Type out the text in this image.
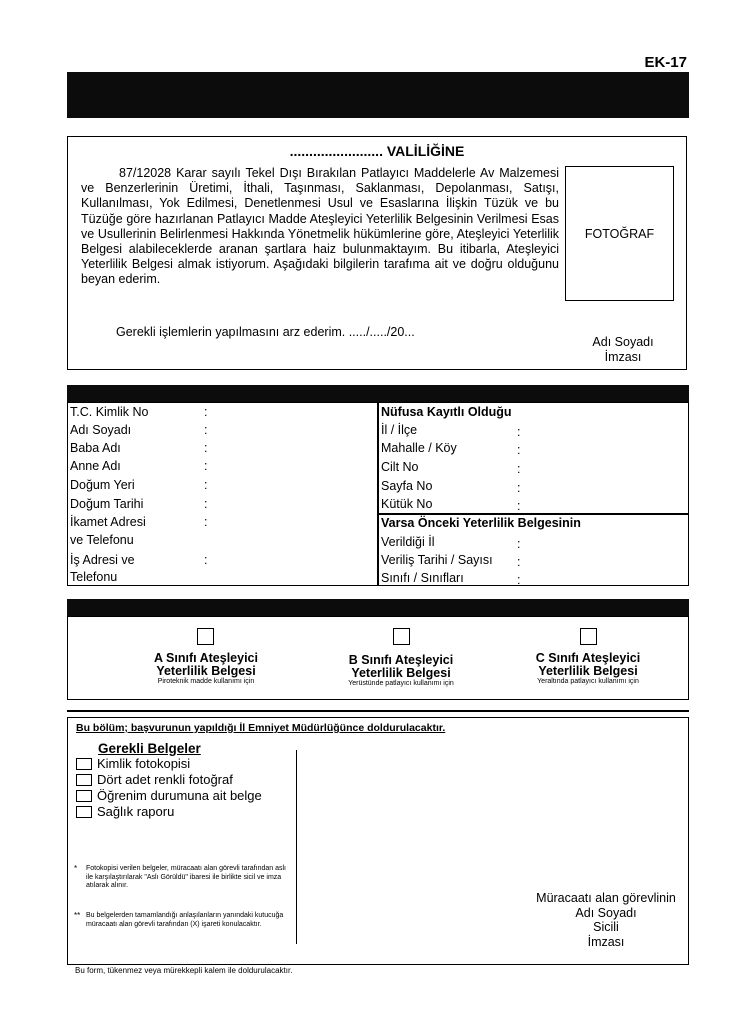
EK-17
........................ VALİLİĞİNE
87/12028 Karar sayılı Tekel Dışı Bırakılan Patlayıcı Maddelerle Av Malzemesi ve Benzerlerinin Üretimi, İthali, Taşınması, Saklanması, Depolanması, Satışı, Kullanılması, Yok Edilmesi, Denetlenmesi Usul ve Esaslarına İlişkin Tüzük ve bu Tüzüğe göre hazırlanan Patlayıcı Madde Ateşleyici Yeterlilik Belgesinin Verilmesi Esas ve Usullerinin Belirlenmesi Hakkında Yönetmelik hükümlerine göre, Ateşleyici Yeterlilik Belgesi alabileceklerde aranan şartlara haiz bulunmaktayım. Bu itibarla, Ateşleyici Yeterlilik Belgesi almak istiyorum. Aşağıdaki bilgilerin tarafıma ait ve doğru olduğunu beyan ederim.
FOTOĞRAF
Gerekli işlemlerin yapılmasını arz ederim. ...../...../20...
Adı Soyadı
İmzası
T.C. Kimlik No	:
Adı Soyadı	:
Baba Adı	:
Anne Adı	:
Doğum Yeri	:
Doğum Tarihi	:
İkamet Adresi	:
ve Telefonu
İş Adresi ve	:
Telefonu
Nüfusa Kayıtlı Olduğu
İl / İlçe	:
Mahalle / Köy	:
Cilt No	:
Sayfa No	:
Kütük No	:
Varsa Önceki Yeterlilik Belgesinin
Verildiği İl	:
Veriliş Tarihi / Sayısı :
Sınıfı / Sınıfları	:
A Sınıfı Ateşleyici
Yeterlilik Belgesi
Piroteknik madde kullanımı için
B Sınıfı Ateşleyici
Yeterlilik Belgesi
Yerüstünde patlayıcı kullanımı için
C Sınıfı Ateşleyici
Yeterlilik Belgesi
Yeraltında patlayıcı kullanımı için
Bu bölüm; başvurunun yapıldığı İl Emniyet Müdürlüğünce doldurulacaktır.
Gerekli Belgeler
Kimlik fotokopisi
Dört adet renkli fotoğraf
Öğrenim durumuna ait belge
Sağlık raporu
* Fotokopisi verilen belgeler, müracaatı alan görevli tarafından aslı ile karşılaştırılarak "Aslı Görüldü" ibaresi ile birlikte sicil ve imza atılarak alınır.
** Bu belgelerden tamamlandığı anlaşılanların yanındaki kutucuğa müracaatı alan görevli tarafından (X) işareti konulacaktır.
Müracaatı alan görevlinin
Adı Soyadı
Sicili
İmzası
Bu form, tükenmez veya mürekkepli kalem ile doldurulacaktır.
